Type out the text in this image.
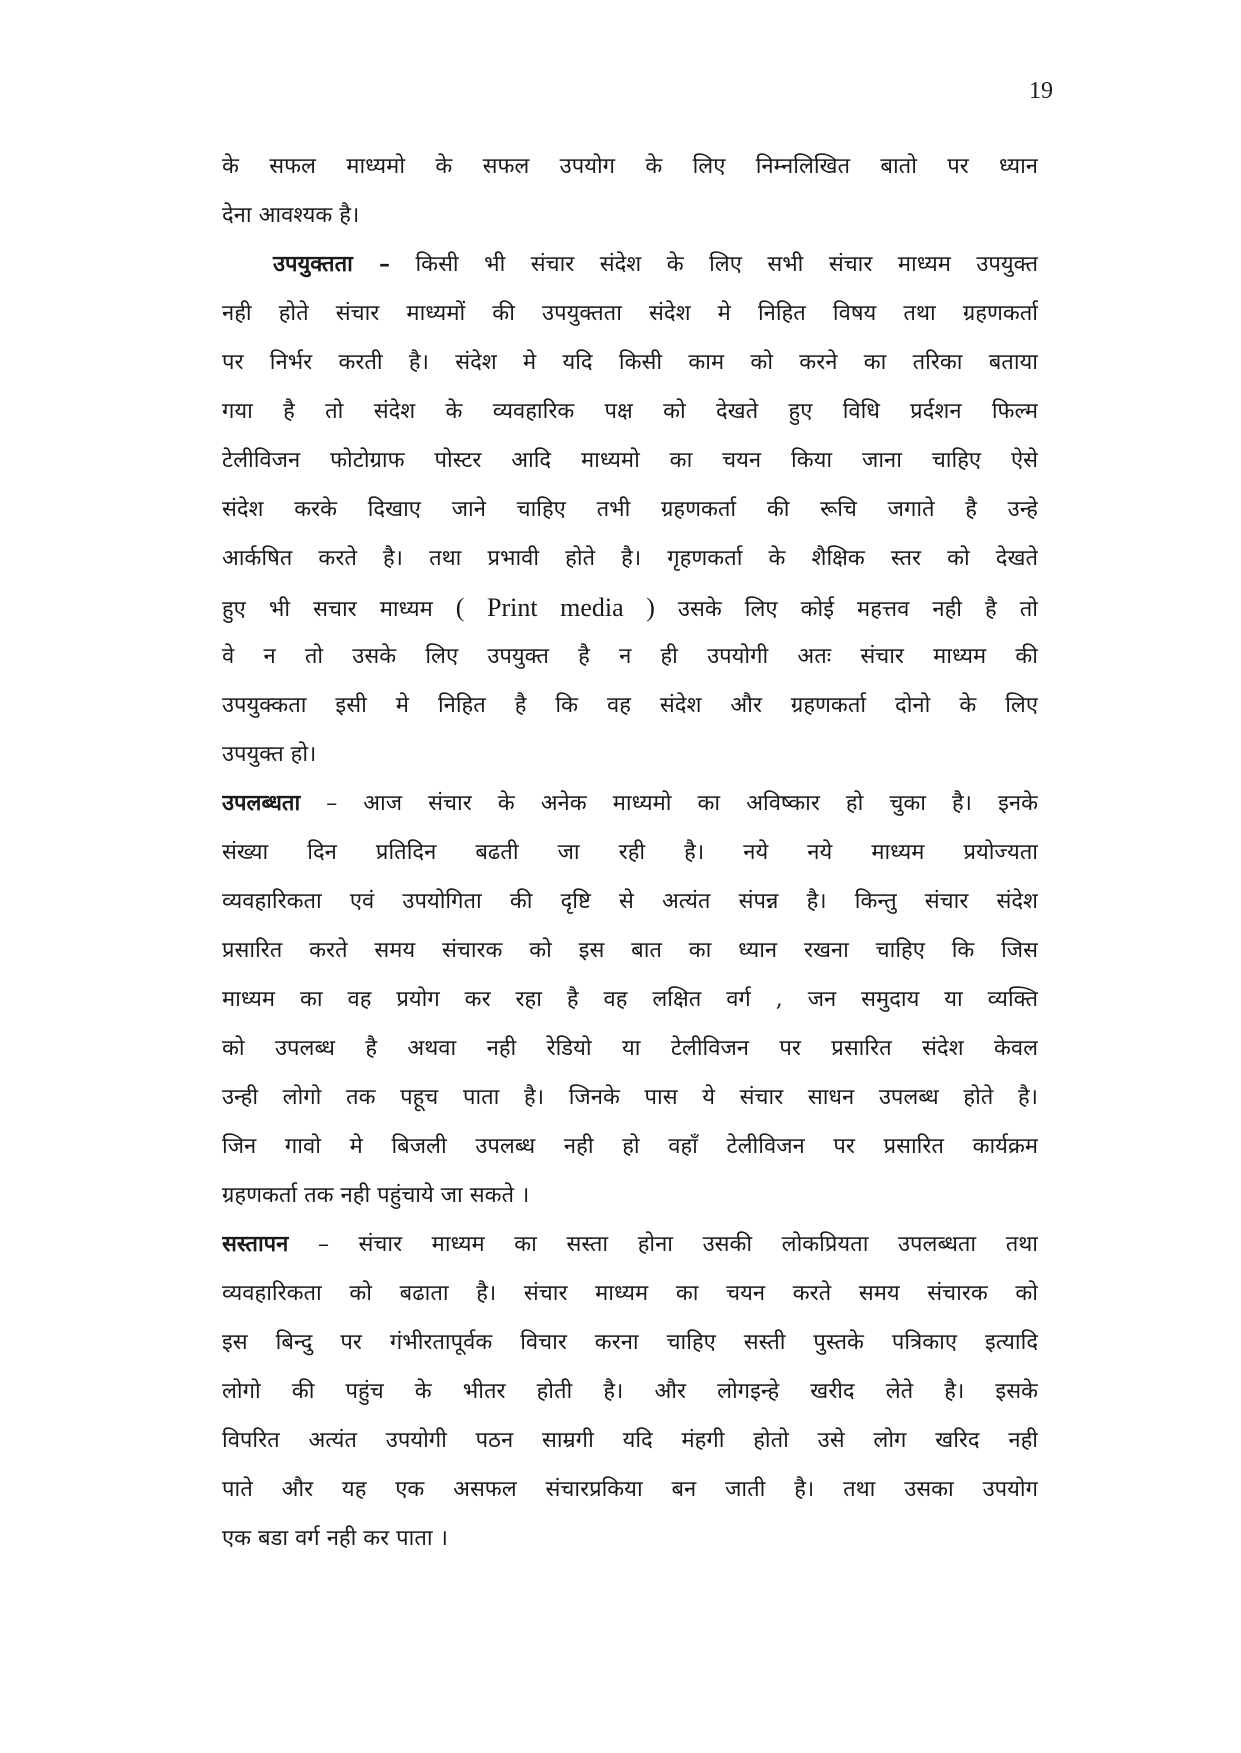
19
के सफल माध्यमो के सफल उपयोग के लिए निम्नलिखित बातो पर ध्यान
देना आवश्यक है।
उपयुक्तता – किसी भी संचार संदेश के लिए सभी संचार माध्यम उपयुक्त
नही होते संचार माध्यमों की उपयुक्तता संदेश मे निहित विषय तथा ग्रहणकर्ता
पर निर्भर करती है। संदेश मे यदि किसी काम को करने का तरिका बताया
गया है तो संदेश के व्यवहारिक पक्ष को देखते हुए विधि प्रर्दशन फिल्म
टेलीविजन फोटोग्राफ पोस्टर आदि माध्यमो का चयन किया जाना चाहिए ऐसे
संदेश करके दिखाए जाने चाहिए तभी ग्रहणकर्ता की रूचि जगाते है उन्हे
आर्कषित करते है। तथा प्रभावी होते है। गृहणकर्ता के शैक्षिक स्तर को देखते
हुए भी सचार माध्यम ( Print media ) उसके लिए कोई महत्तव नही है तो
वे न तो उसके लिए उपयुक्त है न ही उपयोगी अतः संचार माध्यम की
उपयुक्कता इसी मे निहित है कि वह संदेश और ग्रहणकर्ता दोनो के लिए
उपयुक्त हो।
उपलब्धता – आज संचार के अनेक माध्यमो का अविष्कार हो चुका है। इनके
संख्या दिन प्रतिदिन बढती जा रही है। नये नये माध्यम प्रयोज्यता
व्यवहारिकता एवं उपयोगिता की दृष्टि से अत्यंत संपन्न है। किन्तु संचार संदेश
प्रसारित करते समय संचारक को इस बात का ध्यान रखना चाहिए कि जिस
माध्यम का वह प्रयोग कर रहा है वह लक्षित वर्ग , जन समुदाय या व्यक्ति
को उपलब्ध है अथवा नही रेडियो या टेलीविजन पर प्रसारित संदेश केवल
उन्ही लोगो तक पहूच पाता है। जिनके पास ये संचार साधन उपलब्ध होते है।
जिन गावो मे बिजली उपलब्ध नही हो वहॉं टेलीविजन पर प्रसारित कार्यक्रम
ग्रहणकर्ता तक नही पहुंचाये जा सकते ।
सस्तापन – संचार माध्यम का सस्ता होना उसकी लोकप्रियता उपलब्धता तथा
व्यवहारिकता को बढाता है। संचार माध्यम का चयन करते समय संचारक को
इस बिन्दु पर गंभीरतापूर्वक विचार करना चाहिए सस्ती पुस्तके पत्रिकाए इत्यादि
लोगो की पहुंच के भीतर होती है। और लोगइन्हे खरीद लेते है। इसके
विपरित अत्यंत उपयोगी पठन साम्रगी यदि मंहगी होतो उसे लोग खरिद नही
पाते और यह एक असफल संचारप्रकिया बन जाती है। तथा उसका उपयोग
एक बडा वर्ग नही कर पाता ।
